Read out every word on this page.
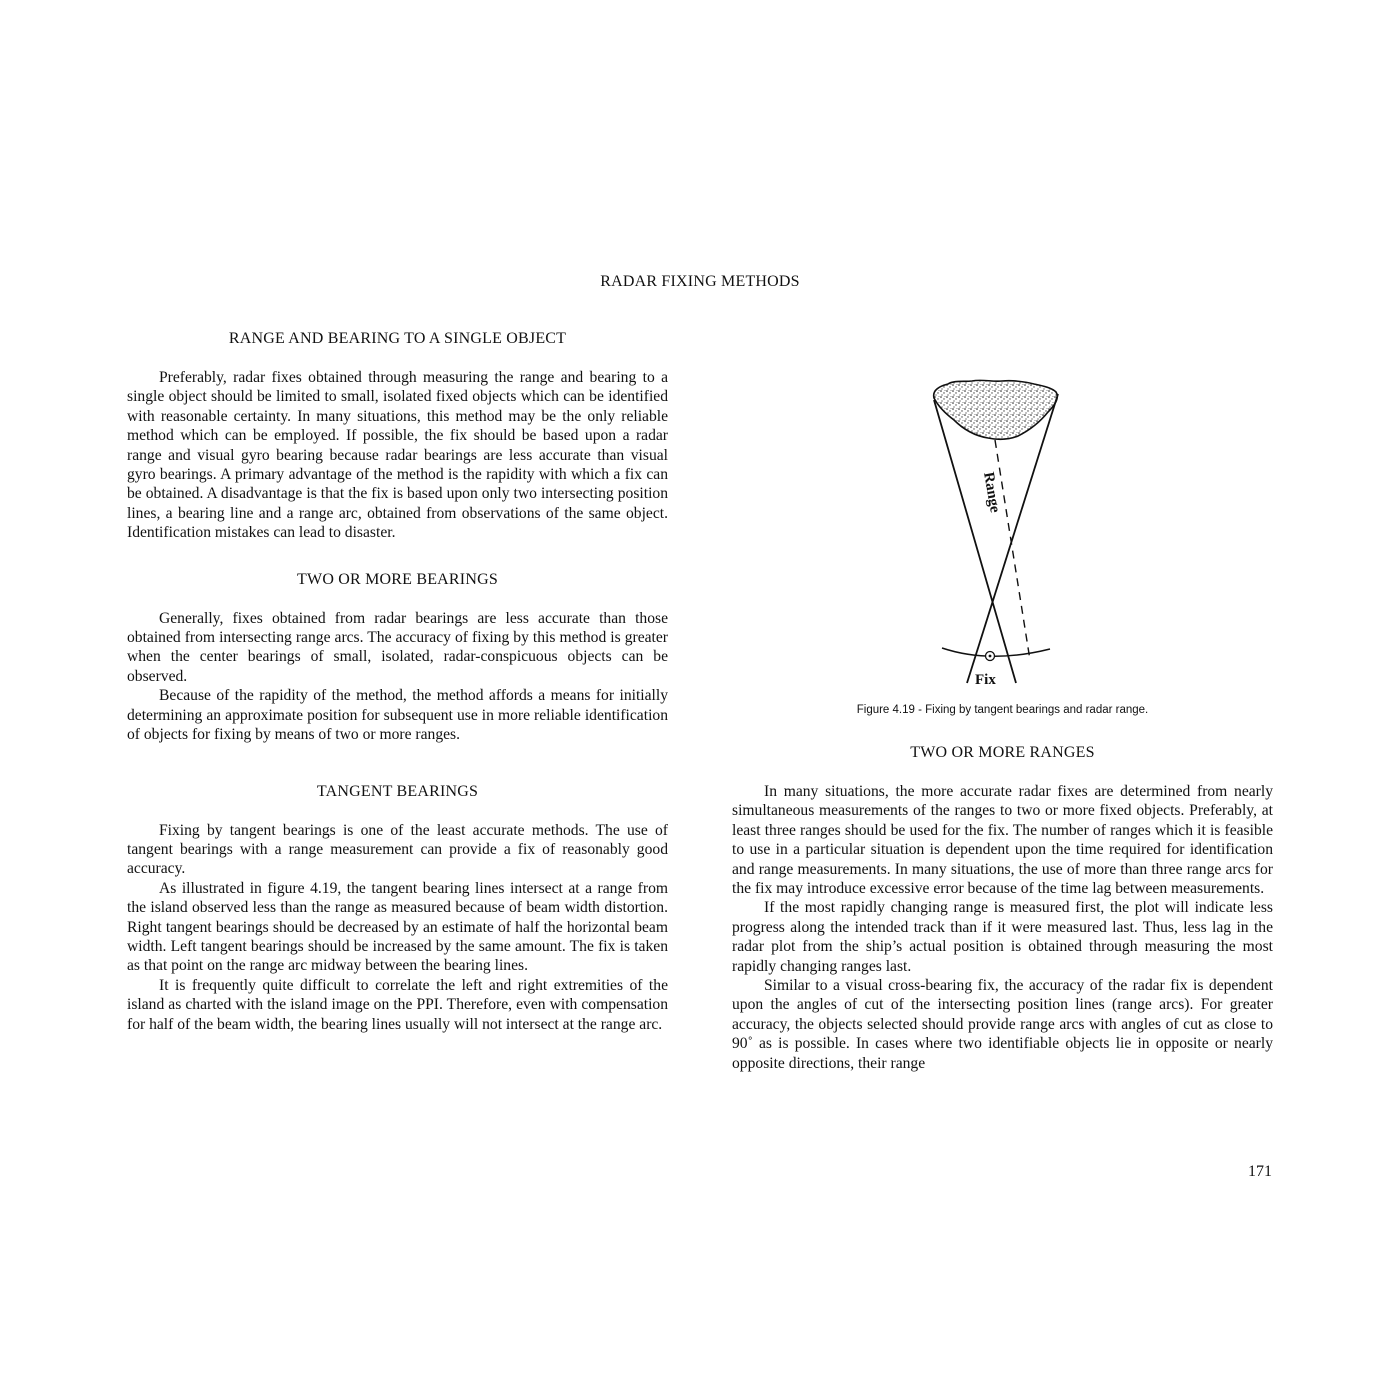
RADAR FIXING METHODS
RANGE AND BEARING TO A SINGLE OBJECT

Preferably, radar fixes obtained through measuring the range and bearing to a single object should be limited to small, isolated fixed objects which can be identified with reasonable certainty. In many situations, this method may be the only reliable method which can be employed. If possible, the fix should be based upon a radar range and visual gyro bearing because radar bearings are less accurate than visual gyro bearings. A primary advantage of the method is the rapidity with which a fix can be obtained. A disadvantage is that the fix is based upon only two intersecting position lines, a bearing line and a range arc, obtained from observations of the same object. Identification mistakes can lead to disaster.

TWO OR MORE BEARINGS

Generally, fixes obtained from radar bearings are less accurate than those obtained from intersecting range arcs. The accuracy of fixing by this method is greater when the center bearings of small, isolated, radar-conspicuous objects can be observed.

Because of the rapidity of the method, the method affords a means for initially determining an approximate position for subsequent use in more reliable identification of objects for fixing by means of two or more ranges.

TANGENT BEARINGS

Fixing by tangent bearings is one of the least accurate methods. The use of tangent bearings with a range measurement can provide a fix of reasonably good accuracy.

As illustrated in figure 4.19, the tangent bearing lines intersect at a range from the island observed less than the range as measured because of beam width distortion. Right tangent bearings should be decreased by an estimate of half the horizontal beam width. Left tangent bearings should be increased by the same amount. The fix is taken as that point on the range arc midway between the bearing lines.

It is frequently quite difficult to correlate the left and right extremities of the island as charted with the island image on the PPI. Therefore, even with compensation for half of the beam width, the bearing lines usually will not intersect at the range arc.

Range
Fix
Figure 4.19 - Fixing by tangent bearings and radar range.
TWO OR MORE RANGES

In many situations, the more accurate radar fixes are determined from nearly simultaneous measurements of the ranges to two or more fixed objects. Preferably, at least three ranges should be used for the fix. The number of ranges which it is feasible to use in a particular situation is dependent upon the time required for identification and range measurements. In many situations, the use of more than three range arcs for the fix may introduce excessive error because of the time lag between measurements.

If the most rapidly changing range is measured first, the plot will indicate less progress along the intended track than if it were measured last. Thus, less lag in the radar plot from the ship’s actual position is obtained through measuring the most rapidly changing ranges last.

Similar to a visual cross-bearing fix, the accuracy of the radar fix is dependent upon the angles of cut of the intersecting position lines (range arcs). For greater accuracy, the objects selected should provide range arcs with angles of cut as close to 90˚ as is possible. In cases where two identifiable objects lie in opposite or nearly opposite directions, their range

171
